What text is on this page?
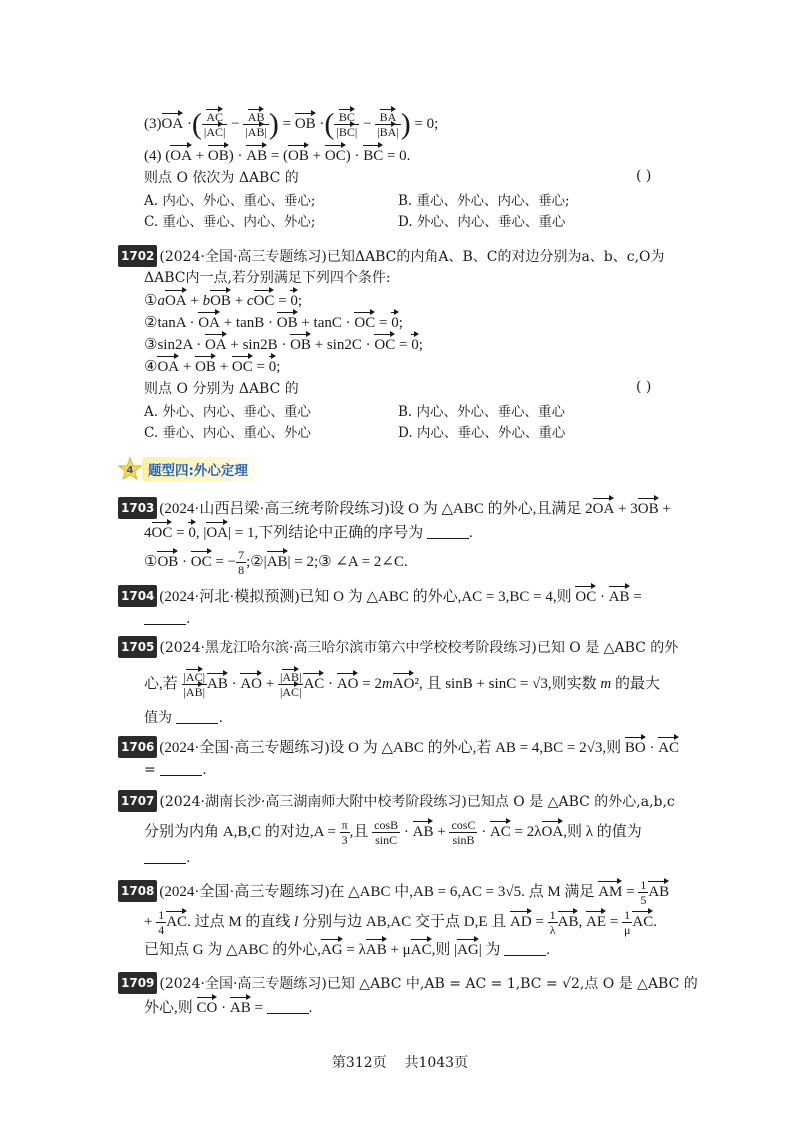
(3)OA ·( $\frac{AC}{|AC|} - \frac{AB}{|AB|}$ ) = OB ·( $\frac{BC}{|BC|} - \frac{BA}{|BA|}$ ) = 0;
(4) (OA + OB) · AB = (OB + OC) · BC = 0.
则点 O 依次为 ΔABC 的	( )
A. 内心、外心、重心、垂心;	B. 重心、外心、内心、垂心;
C. 重心、垂心、内心、外心;	D. 外心、内心、垂心、重心
1702 (2024·全国·高三专题练习)已知ΔABC的内角A、B、C的对边分别为a、b、c,O为
ΔABC内一点,若分别满足下列四个条件:
①aOA + bOB + cOC = 0;
②tanA · OA + tanB · OB + tanC · OC = 0;
③sin2A · OA + sin2B · OB + sin2C · OC = 0;
④OA + OB + OC = 0;
则点 O 分别为 ΔABC 的	( )
A. 外心、内心、垂心、重心	B. 内心、外心、垂心、重心
C. 垂心、内心、重心、外心	D. 内心、垂心、外心、重心
4	题型四:外心定理
1703 (2024·山西吕梁·高三统考阶段练习)设 O 为 △ABC 的外心,且满足 2OA + 3OB +
4OC = 0, |OA| = 1,下列结论中正确的序号为	.
①OB · OC = − $\frac{7}{8}$ ;②|AB| = 2;③ ∠A = 2∠C.
1704 (2024·河北·模拟预测)已知 O 为 △ABC 的外心,AC = 3,BC = 4,则 OC · AB =
.
1705 (2024·黑龙江哈尔滨·高三哈尔滨市第六中学校校考阶段练习)已知 O 是 △ABC 的外
心,若 $\frac{|AC|}{|AB|}$ AB · AO + $\frac{|AB|}{|AC|}$ AC · AO = 2mAO², 且 sinB + sinC = √3,则实数 m 的最大
值为	.
1706 (2024·全国·高三专题练习)设 O 为 △ABC 的外心,若 AB = 4,BC = 2√3,则 BO · AC
=	.
1707 (2024·湖南长沙·高三湖南师大附中校考阶段练习)已知点 O 是 △ABC 的外心,a,b,c
分别为内角 A,B,C 的对边$,A = \frac{\pi}{3}$ ,且 $\frac{\cos B}{\sin C}$ · AB + $\frac{\cos C}{\sin B}$ · AC = 2λOA,则 λ 的值为
.
1708 (2024·全国·高三专题练习)在 △ABC 中,AB = 6,AC = 3√5. 点 M 满足 AM = $\frac{1}{5}$ AB
+ $\frac{1}{4}$ AC. 过点 M 的直线 l 分别与边 AB,AC 交于点 D,E 且 AD = $\frac{1}{\lambda}$ AB, AE = $\frac{1}{\mu}$ AC.
已知点 G 为 △ABC 的外心,AG = λAB + μAC,则 |AG| 为	.
1709 (2024·全国·高三专题练习)已知 △ABC 中,AB = AC = 1,BC = √2,点 O 是 △ABC 的
外心,则 CO · AB =	.
第312页 共1043页
